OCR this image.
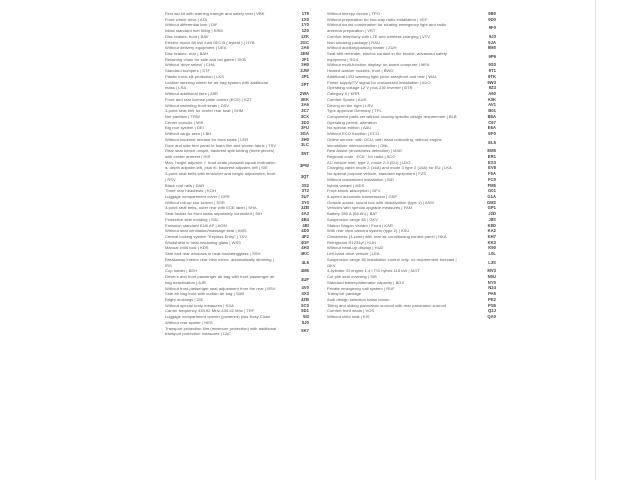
First aid kit with warning triangle and safety vest | VBK
Front wheel drive | ATA
Without differential lock | DIF
Initial standard fuel filling | KRM
Disc brakes, front | BAV
Electric motor 85 kW /unit 0EC.B ( hybrid ) | HYB
Without delivery equipment | UEA
Disc brakes, rear | BAH
Retaining chain for side and tail gates | SKB
Without 'drive select' | CHA
Standard bumpers | STF
Plastic trunk sill protection | LKS
Leather steering wheel for air bag system with additional mass | LRA
Without additional tires | Z8R
Front and rear license plate carrier (ECE) | KZT
Without swiveling front seats | DSV
3-point seat belt for center rear seat | SHM
Net partition | TRW
Center console | MIK
Big roof system | DEI
Without cargo area | LBH
Without backrest release for front seats | LER
Door and side trim panel in foam film and woven fabric | TSV
Rear seat bench unsplit, backrest split folding (three pieces) with center armrest | HIS
Man. height adjustm. f. front seats plusseat squab inclination a. depth adjustm.left, plus el. backrest adjustm. left | SIE
3-point seat belts with tensioner and height adjustment, front | RSV
Black roof rails | DAR
Three rear headrests | KOH
Luggage compartment cover | GPR
Without roll-up sun screen | SSR
3-point seat belts, outer rear with ECE label | SHA
Seat heater for front seats separately controlled | SIH
Protective side molding | SSL
Emission standard EU6 AP | AGM
Without seat ventilation/massage seat | KMS
Central locking system "Keyless Entry" | TKV
Windshield in heat-insulating glass | WSS
Manual child lock | KDS
Side and rear windows in heat-insulatingglass | SSH
Breakaway interior rear view mirror, automatically dimming | IRS
Cup holder | BEH
Driver's and front passenger air bag with front passenger air bag deactivation | AJB
Without front passenger seat adjustment from the rear | BSV
Side air bag front with curtain air bag | SAB
Bright moldings | ZIE
Without special body measures | KSA
Carrier frequency 433.92 MHz-434.42 Mhz | TRF
Luggage compartment opener (powered) plus Easy Close
Without rear spoiler | HES
Transport protection film (minimum protection) with additional transport protection measures | LAC
1T9
1X0
1Y0
1Z0
1ZK
2GC
2A6
2EM
2F1
2H0
2JW
2P1
2PT
2WA
3EK
3A6
3C7
3CX
3D3
3FU
3GA
3H0
3LC
3NT
3PW
3QT
3S2
3T2
3U7
3Y0
3ZB
4A3
4B4
4BI
4D0
4F2
4GF
4H3
4KC
4L6
4M6
4UF
4V0
4X3
4ZB
5C0
5D1
5I3
5J0
5K7
Without telecpy device | TPG
Without preparation for two-way radio installation | VEF
Without sound combination for rotating emergency light and radio antenna preparation | VRT
Comfort telephony with LTE and wireless charging | VTV
Non-smoking package | RAU
Without auxiliary/parking heater | ZUH
Seat belt reminder, electric contact in the buckle, advanced safety equipment | SGX
Without multi-function display/ on-board computer | MFA
Heated washer nozzles, front | BWD
Additional LED warning light (door area)front and rear | WAL
Power supply/TV signal for customized installation | AUO
Operating voltage 12 V plus 230 inverter | BTR
Category 0 | KRR
Comfort Sports | AUS
Driving on the right | LRV
Type approval Germany | TPL
Component parts set without country-specific design requirement | BLB
Operating permit, alteration
No special edition | AAU
Without ECO function | ECO
Online service, with OCU, with head unitcoding, without engine immobilizer interconnection | ONL
Rest Assist (drowsiness detection) | MXE
Regional code ' ECE ' for radio | ACO
AC vehicle inlet, type 2, mode 2-3 (EU) | LDO
Charging cable mode 2 (16A) and mode 3 type 2 (16A) for EU | LKA
No special purpose vehicle, standard equipment | FZS
Without customized installation | IND
hybrid variant | MDS
Front shock absorption | DFV
6-speed automatic transmission | GSP
Outside sound, sound box with deactivation (type 1) | ASM
Vehicles with special upgrade measures | FAM
Battery 380 A (68 Ah) | BAT
Suspension range 85 | GKV
Station Wagon Variant / Front | KAR
With rear view camera system (type 2) | KSU
Climatronic (3-zone) with rear air conditioning control panel | HKA
Refrigerant R1234yf | KUH
Without head-up display | HUD
Left-hand drive vehicle | LEA
Suspension range 35 installation control only, no requirement forecast | GKV
4-cylinder SI engine 1.4 l TSI hybrid 115 kW | MOT
Cut pile seat covering | SIB
Standard battery/alternator capacity | BGX
Private emergency call system | RUF
Transport package
Audi design selection balao brown
Tilting and sliding panoramic sunroof with rear panoramic sunroof
Comfort front seats | VOS
Without child seat | KIS
9B0
9D0
9F0
9J3
9JA
9M0
9P9
9S0
9T1
9TK
9W3
9Z3
A60
A3K
AV1
B01
B6A
C67
E6A
EF0
EL5
EM5
ER1
ES3
EV8
F0A
FC0
FM5
G01
G1A
GM2
GP1
J2D
J8S
K8D
KA2
KH7
KK3
K90
L0L
L3S
MV3
N0U
NY0
N24
PA6
PE2
PS6
Q2J
QA0
